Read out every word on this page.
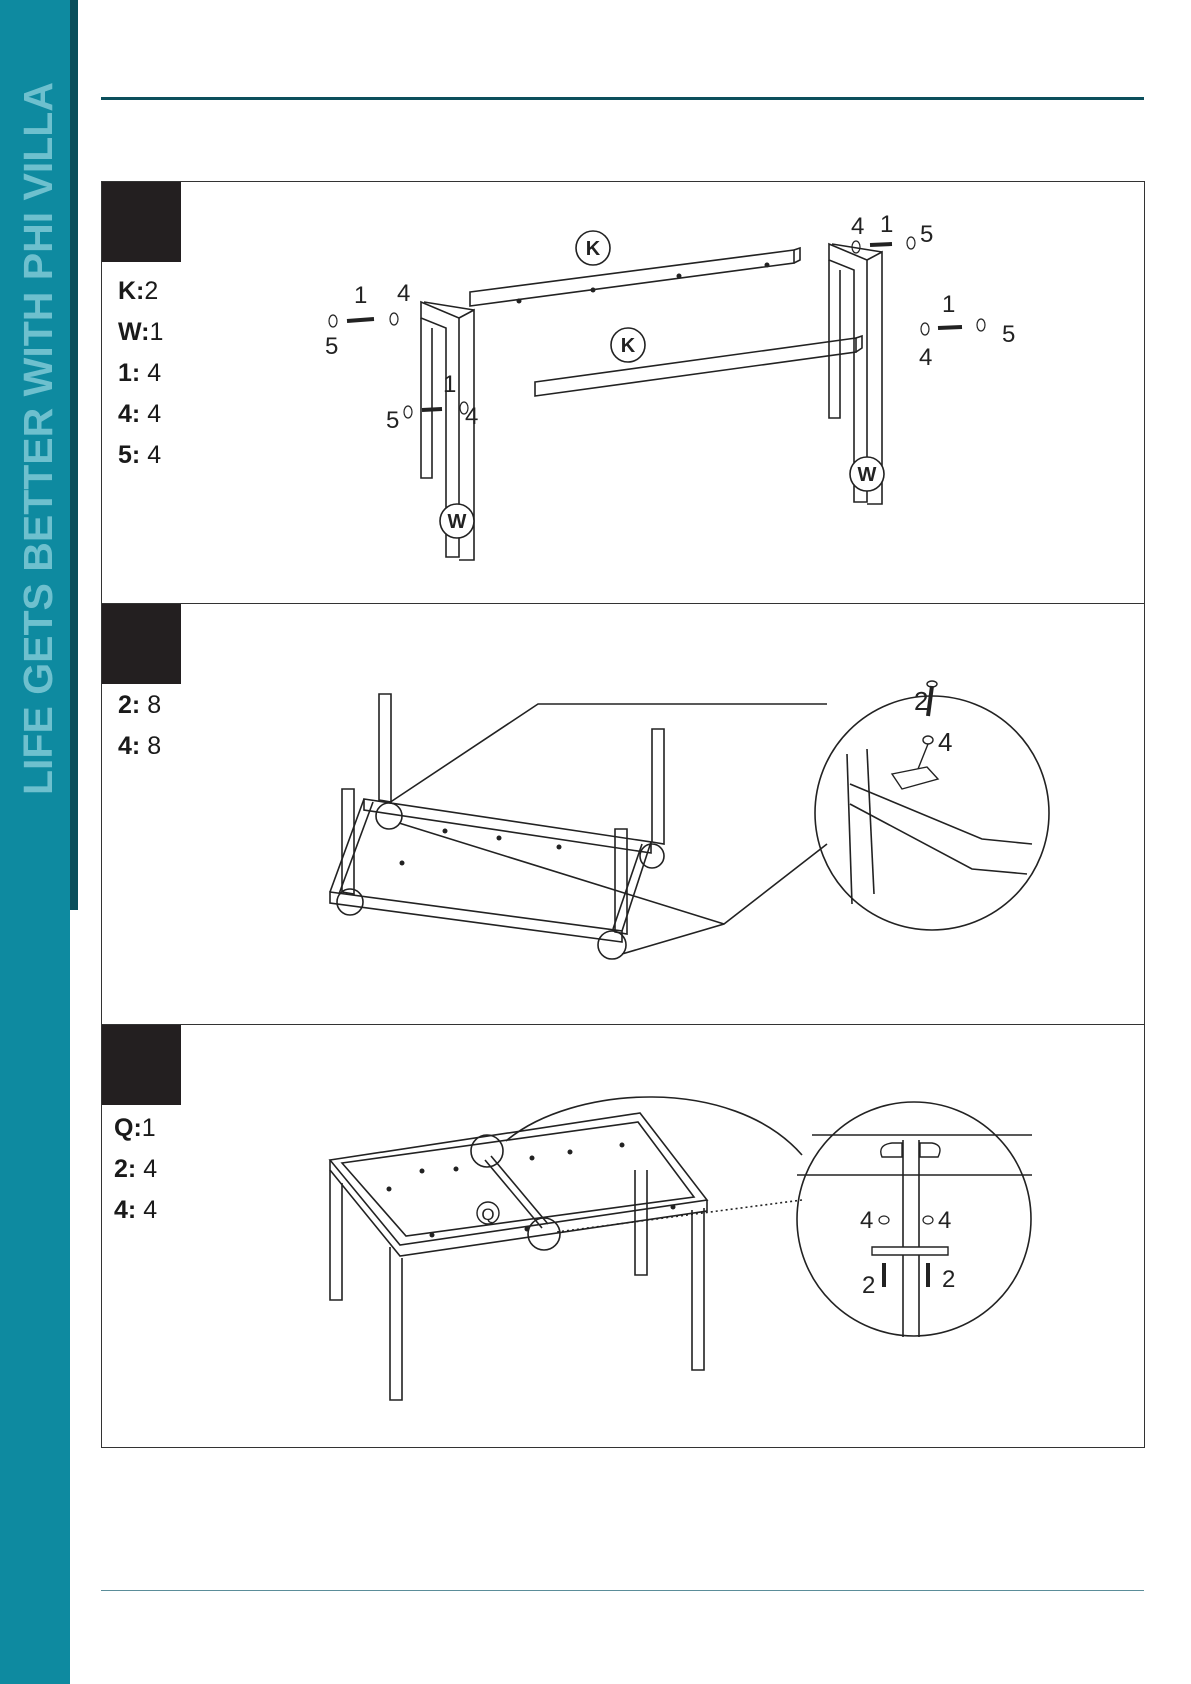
LIFE GETS BETTER WITH PHI VILLA K:2
W:1
1: 4
4: 4
5: 4
1 4
5
1
4
5
4 1 5
1
4
5
K
K
W
W
2: 8
4: 8
2
4
Q:1
2: 4
4: 4	4	4
2	2
Q
